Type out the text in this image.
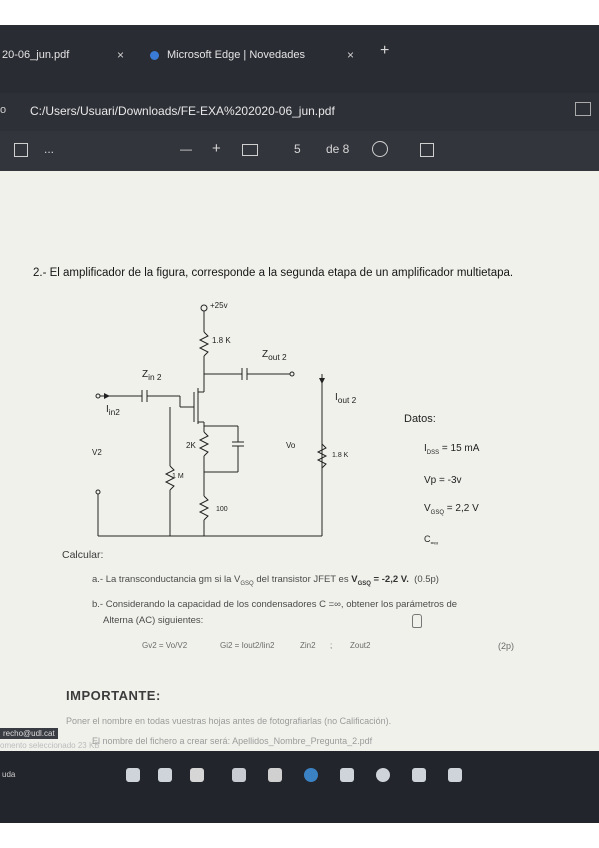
20-06_jun.pdf	×	Microsoft Edge | Novedades	× +
o C:/Users/Usuari/Downloads/FE-EXA%202020-06_jun.pdf
...	— +	5 de 8
2.- El amplificador de la figura, corresponde a la segunda etapa de un amplificador multietapa.
+25v
1.8 K
$Z_{out 2}$
$Z_{in 2}$
$I_{in2}$
$I_{out 2}$
V2
2K
1 M
100
Vo
1.8 K
Datos:
$I_{DSS} = 15$ mA
Vp = -3v
$V_{GSQ} = 2,2$ V
$C_{=\infty}$
Calcular:
a.- La transconductancia gm si la $V_{GSQ}$ del transistor JFET es $V_{GSQ} = -2,2$ V. (0.5p)
b.- Considerando la capacidad de los condensadores C =∞, obtener los parámetros de
Alterna (AC) siguientes:
Gv2 = Vo/V2	Gi2 = Iout2/Iin2	Zin2 ; Zout2	(2p)
IMPORTANTE:
Poner el nombre en todas vuestras hojas antes de fotografiarlas (no Calificación).
El nombre del fichero a crear será: Apellidos_Nombre_Pregunta_2.pdf
recho@udl.cat
omento seleccionado 23 KB
uda
